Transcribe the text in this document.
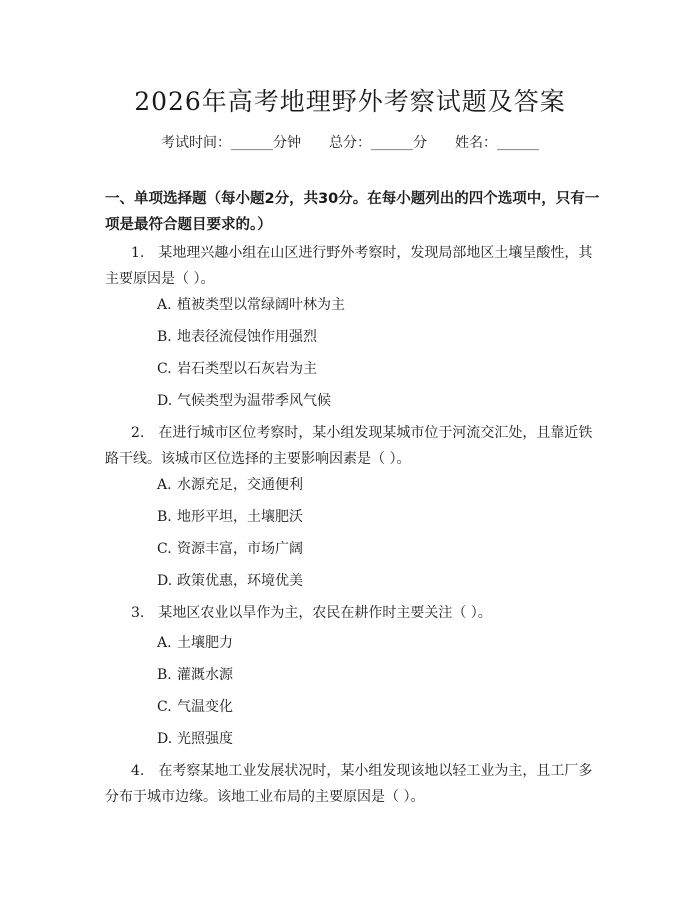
2026年高考地理野外考察试题及答案
考试时间：______分钟 总分：______分 姓名：______
一、单项选择题（每小题2分，共30分。在每小题列出的四个选项中，只有一项是最符合题目要求的。）
1.　某地理兴趣小组在山区进行野外考察时，发现局部地区土壤呈酸性，其主要原因是（ ）。
A. 植被类型以常绿阔叶林为主
B. 地表径流侵蚀作用强烈
C. 岩石类型以石灰岩为主
D. 气候类型为温带季风气候
2.　在进行城市区位考察时，某小组发现某城市位于河流交汇处，且靠近铁路干线。该城市区位选择的主要影响因素是（ ）。
A. 水源充足，交通便利
B. 地形平坦，土壤肥沃
C. 资源丰富，市场广阔
D. 政策优惠，环境优美
3.　某地区农业以旱作为主，农民在耕作时主要关注（ ）。
A. 土壤肥力
B. 灌溉水源
C. 气温变化
D. 光照强度
4.　在考察某地工业发展状况时，某小组发现该地以轻工业为主，且工厂多分布于城市边缘。该地工业布局的主要原因是（ ）。
